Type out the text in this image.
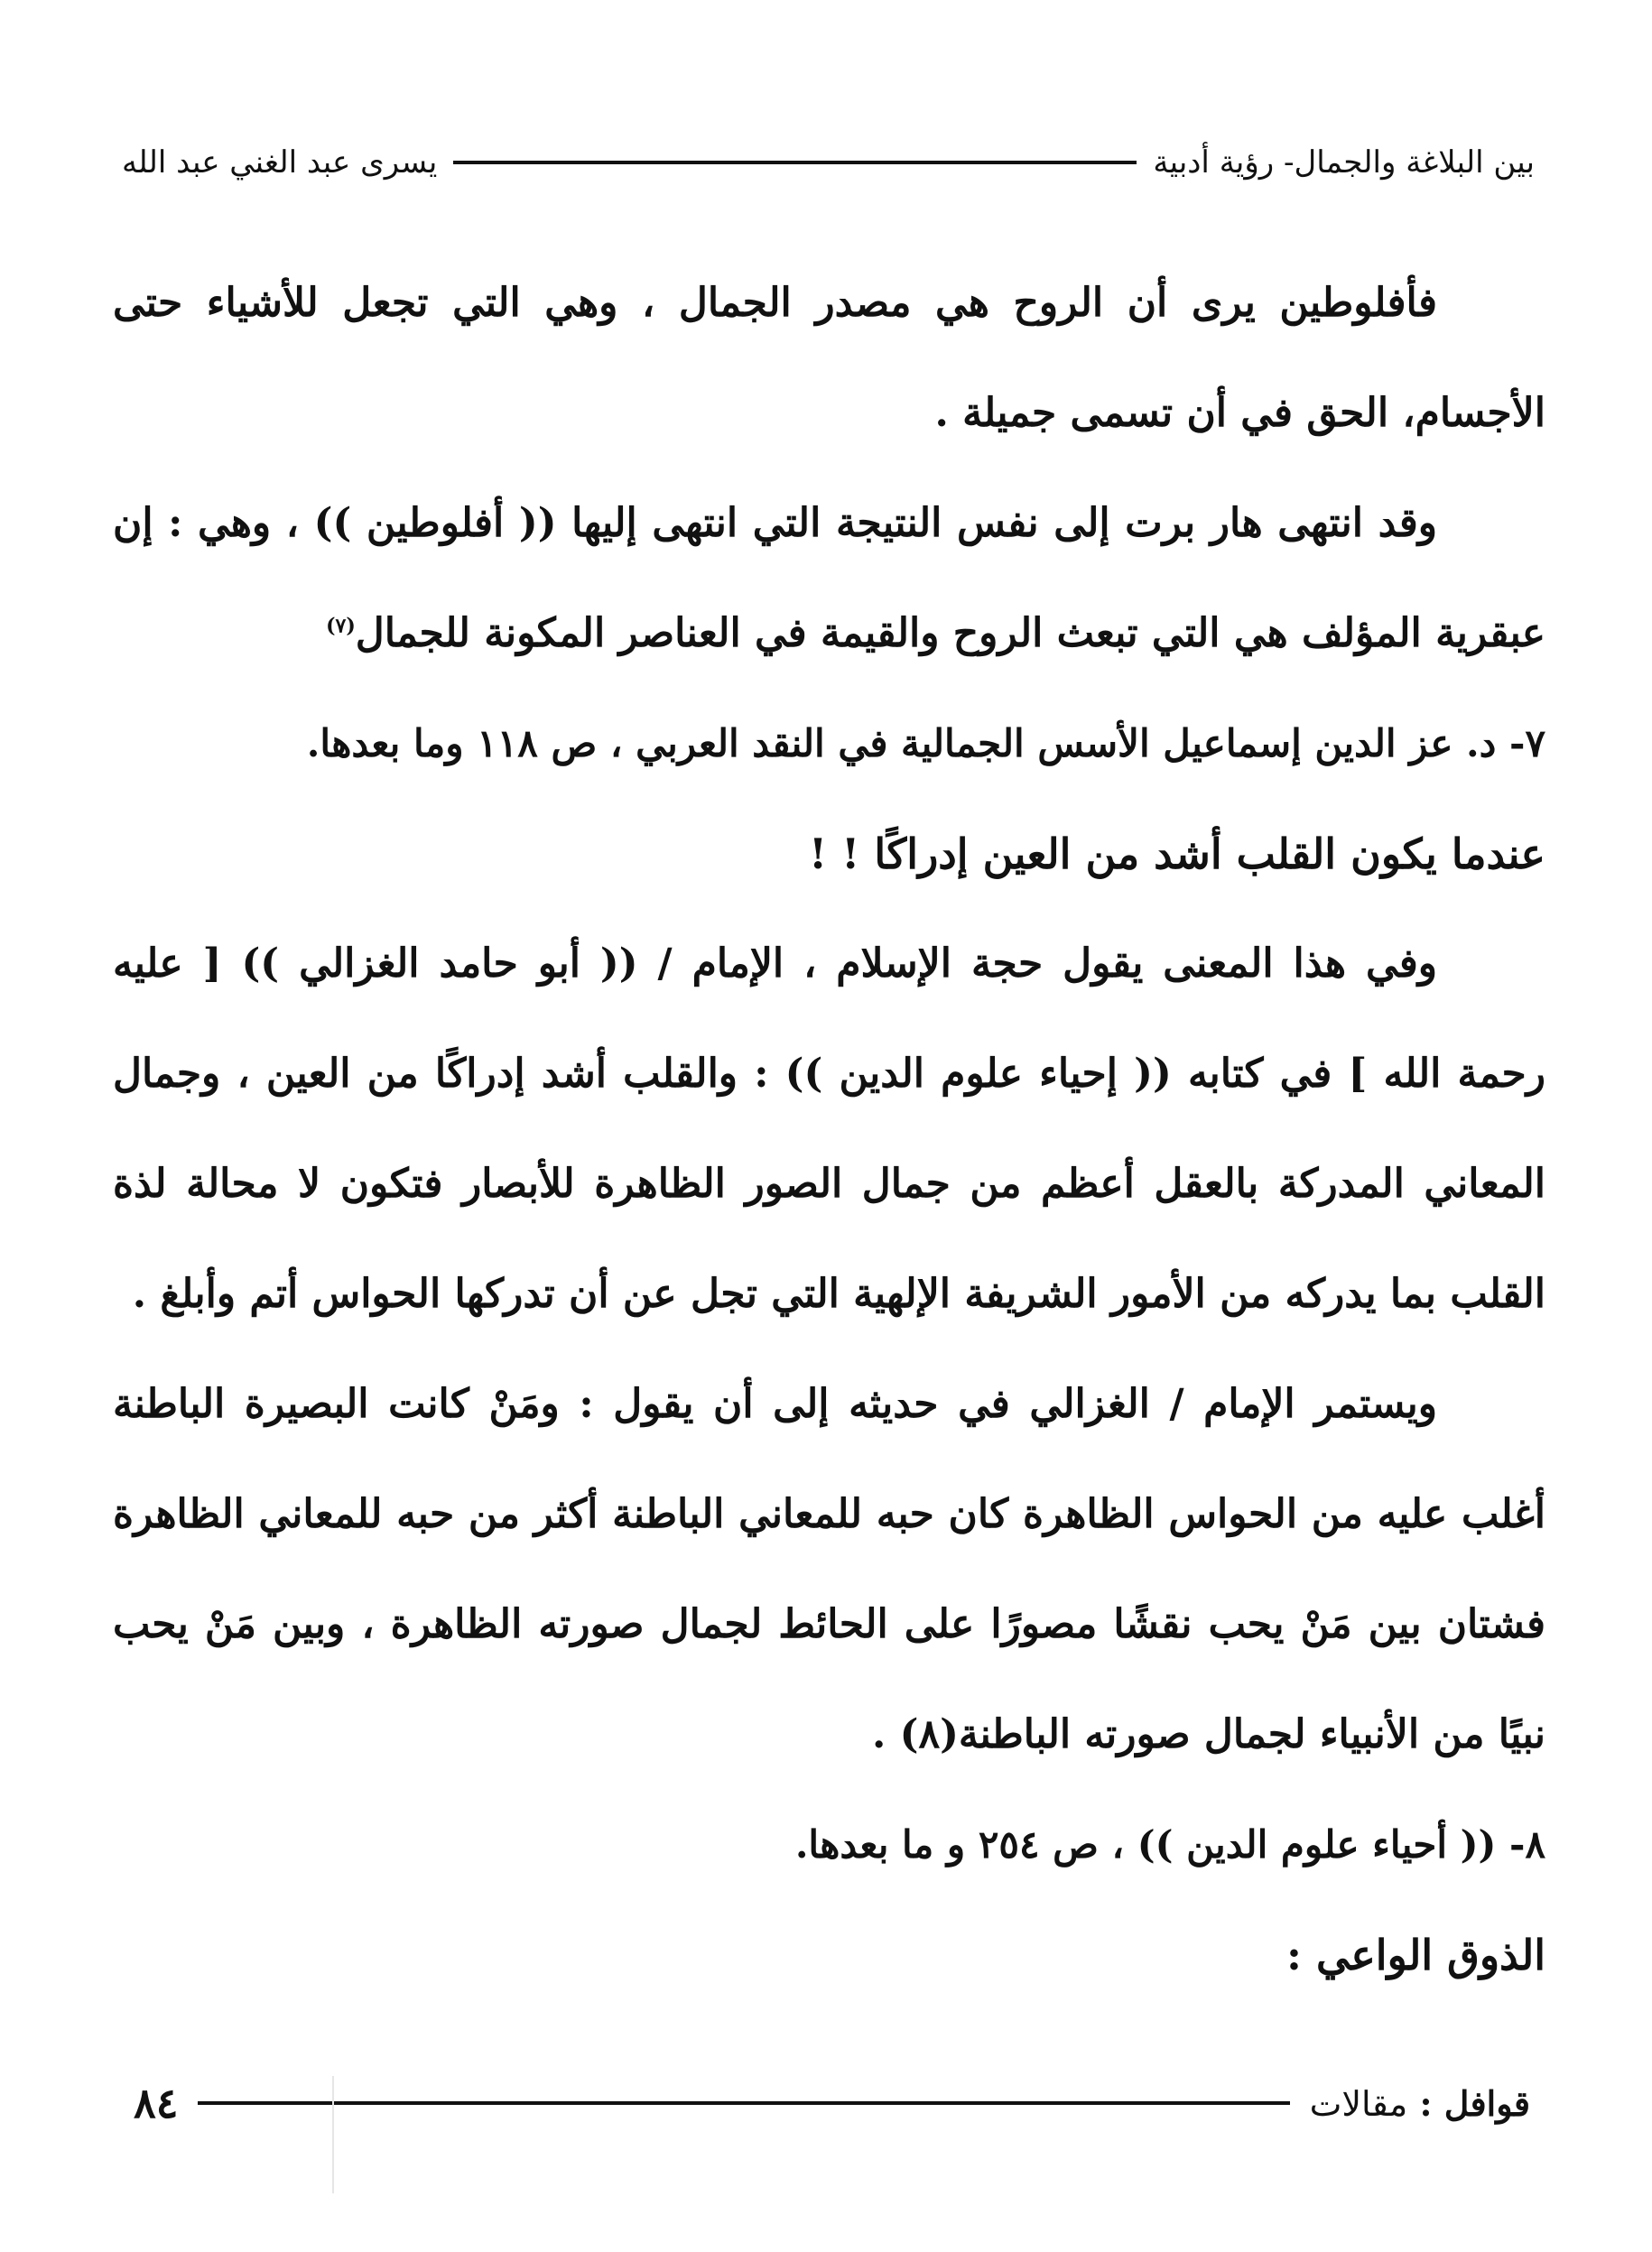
بين البلاغة والجمال- رؤية أدبية
يسرى عبد الغني عبد الله

فأفلوطين يرى أن الروح هي مصدر الجمال ، وهي التي تجعل للأشياء حتى الأجسام، الحق في أن تسمى جميلة .

وقد انتهى هار برت إلى نفس النتيجة التي انتهى إليها (( أفلوطين )) ، وهي : إن عبقرية المؤلف هي التي تبعث الروح والقيمة في العناصر المكونة للجمال$^{(٧)}$

٧- د. عز الدين إسماعيل الأسس الجمالية في النقد العربي ، ص ١١٨ وما بعدها.

عندما يكون القلب أشد من العين إدراكًا ! !

وفي هذا المعنى يقول حجة الإسلام ، الإمام / (( أبو حامد الغزالي )) [ عليه رحمة الله ] في كتابه (( إحياء علوم الدين )) : والقلب أشد إدراكًا من العين ، وجمال المعاني المدركة بالعقل أعظم من جمال الصور الظاهرة للأبصار فتكون لا محالة لذة القلب بما يدركه من الأمور الشريفة الإلهية التي تجل عن أن تدركها الحواس أتم وأبلغ .

ويستمر الإمام / الغزالي في حديثه إلى أن يقول : ومَنْ كانت البصيرة الباطنة أغلب عليه من الحواس الظاهرة كان حبه للمعاني الباطنة أكثر من حبه للمعاني الظاهرة فشتان بين مَنْ يحب نقشًا مصورًا على الحائط لجمال صورته الظاهرة ، وبين مَنْ يحب نبيًا من الأنبياء لجمال صورته الباطنة(٨) .

٨- (( أحياء علوم الدين )) ، ص ٢٥٤ و ما بعدها.

الذوق الواعي :

قوافل : مقالات
٨٤
